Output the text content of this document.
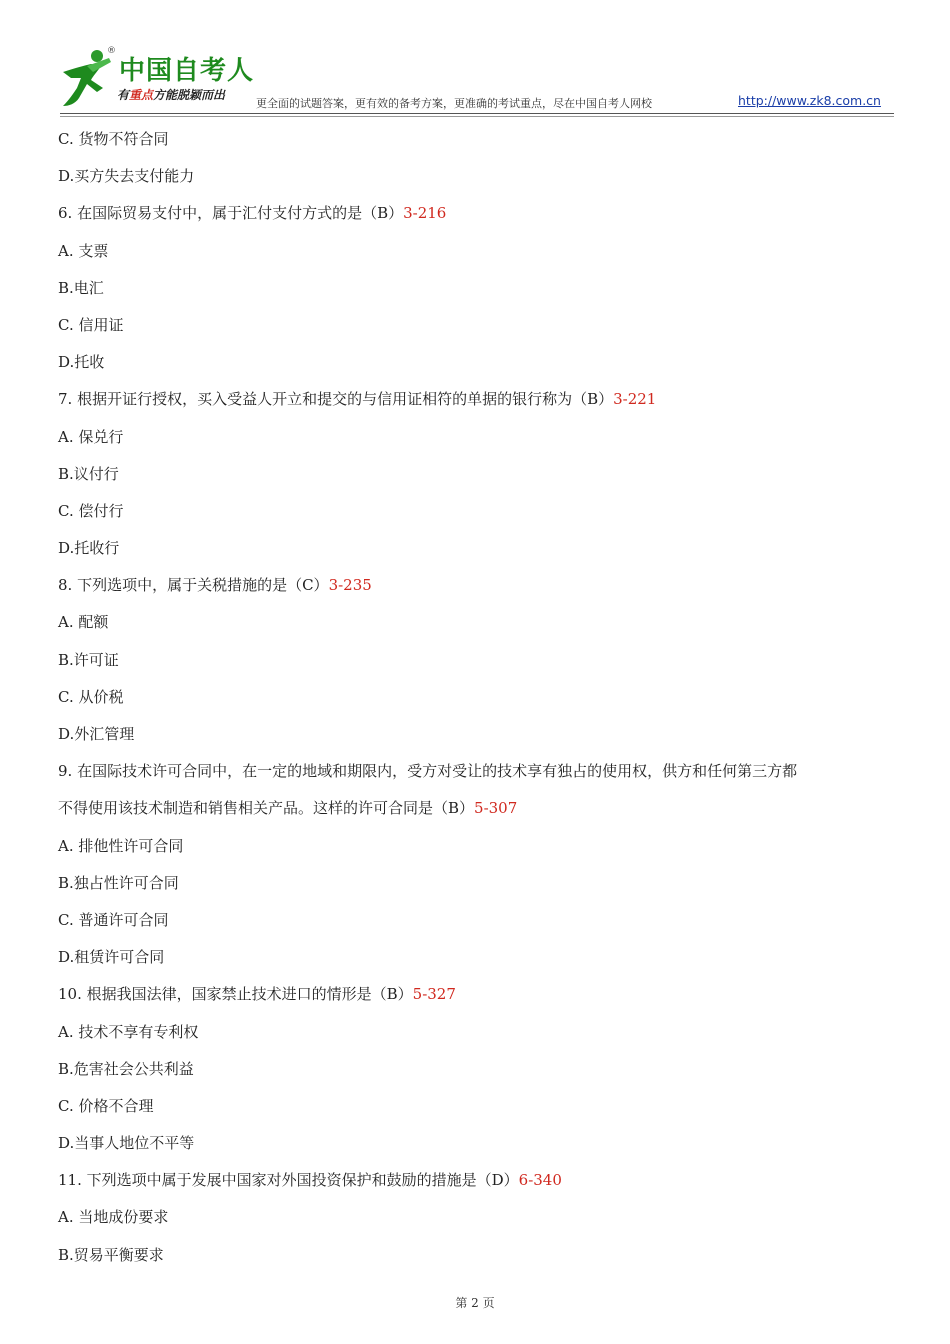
®
中国自考人
有重点方能脱颖而出
更全面的试题答案，更有效的备考方案，更准确的考试重点，尽在中国自考人网校	http://www.zk8.com.cn
C. 货物不符合同
D.买方失去支付能力
6. 在国际贸易支付中，属于汇付支付方式的是（B）3-216
A. 支票
B.电汇
C. 信用证
D.托收
7. 根据开证行授权，买入受益人开立和提交的与信用证相符的单据的银行称为（B）3-221
A. 保兑行
B.议付行
C. 偿付行
D.托收行
8. 下列选项中，属于关税措施的是（C）3-235
A. 配额
B.许可证
C. 从价税
D.外汇管理
9. 在国际技术许可合同中，在一定的地域和期限内，受方对受让的技术享有独占的使用权，供方和任何第三方都
不得使用该技术制造和销售相关产品。这样的许可合同是（B）5-307
A. 排他性许可合同
B.独占性许可合同
C. 普通许可合同
D.租赁许可合同
10. 根据我国法律，国家禁止技术进口的情形是（B）5-327
A. 技术不享有专利权
B.危害社会公共利益
C. 价格不合理
D.当事人地位不平等
11. 下列选项中属于发展中国家对外国投资保护和鼓励的措施是（D）6-340
A. 当地成份要求
B.贸易平衡要求
第 2 页
